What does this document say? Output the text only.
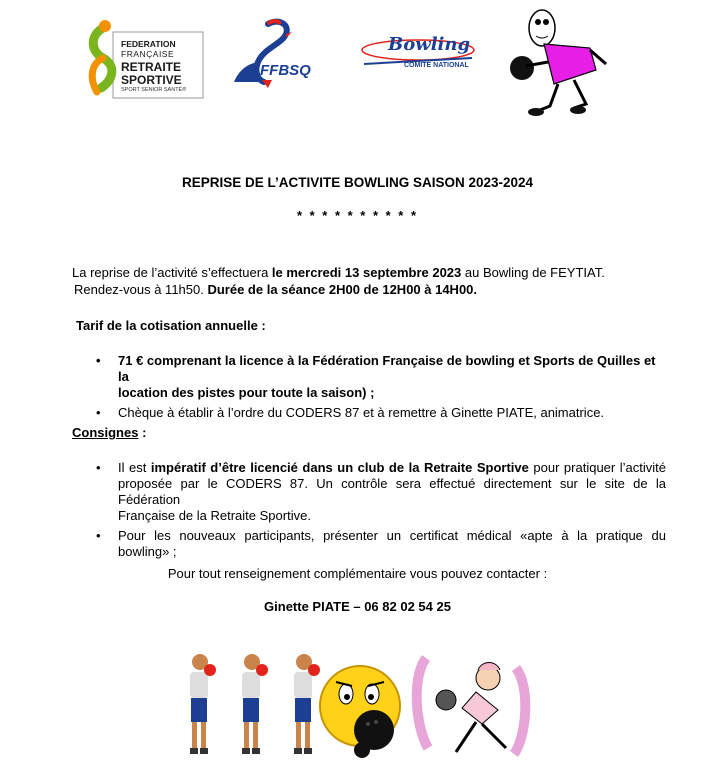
FEDERATION
FRANÇAISE
RETRAITE
SPORTIVE
SPORT SENIOR SANTÉ®
FFBSQ
Bowling
COMITÉ NATIONAL
REPRISE DE L’ACTIVITE BOWLING SAISON 2023-2024
* * * * * * * * * *

La reprise de l’activité s’effectuera le mercredi 13 septembre 2023 au Bowling de FEYTIAT.

Rendez-vous à 11h50. Durée de la séance 2H00 de 12H00 à 14H00.

Tarif de la cotisation annuelle :

• 71 € comprenant la licence à la Fédération Française de bowling et Sports de Quilles et la
location des pistes pour toute la saison) ;
• Chèque à établir à l’ordre du CODERS 87 et à remettre à Ginette PIATE, animatrice.

Consignes :

• Il est impératif d’être licencié dans un club de la Retraite Sportive pour pratiquer l’activité
proposée par le CODERS 87. Un contrôle sera effectué directement sur le site de la Fédération
Française de la Retraite Sportive.
• Pour les nouveaux participants, présenter un certificat médical «apte à la pratique du
bowling» ;

Pour tout renseignement complémentaire vous pouvez contacter :

Ginette PIATE – 06 82 02 54 25
